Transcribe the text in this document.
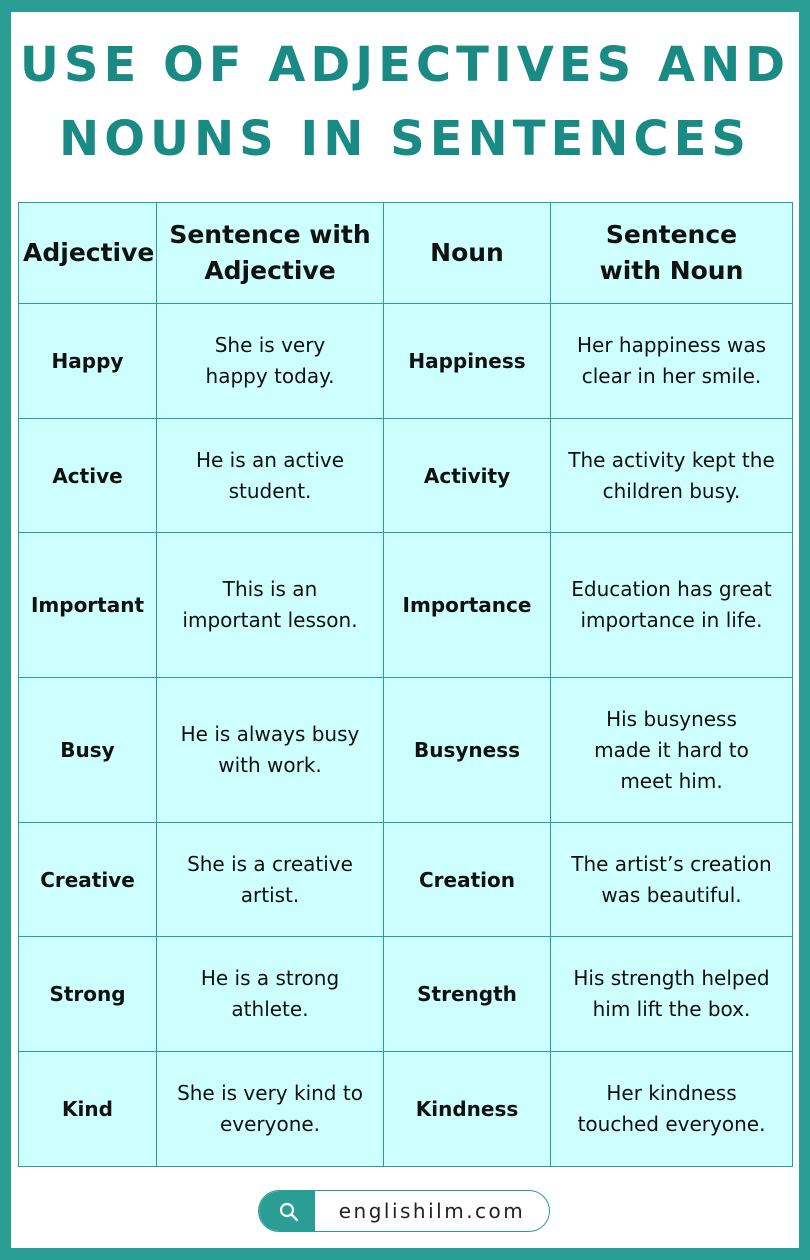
USE OF ADJECTIVES AND
NOUNS IN SENTENCES
Adjective	Sentence with Adjective	Noun	Sentence with Noun
Happy	She is very happy today.	Happiness	Her happiness was clear in her smile.
Active	He is an active student.	Activity	The activity kept the children busy.
Important	This is an important lesson.	Importance	Education has great importance in life.
Busy	He is always busy with work.	Busyness	His busyness made it hard to meet him.
Creative	She is a creative artist.	Creation	The artist’s creation was beautiful.
Strong	He is a strong athlete.	Strength	His strength helped him lift the box.
Kind	She is very kind to everyone.	Kindness	Her kindness touched everyone.
englishilm.com
